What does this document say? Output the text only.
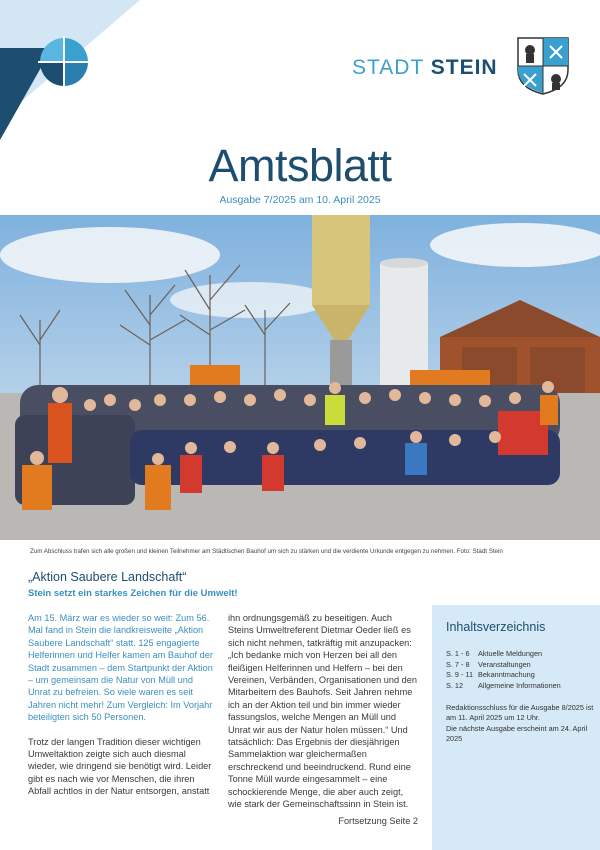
STADT STEIN
Amtsblatt
Ausgabe 7/2025 am 10. April 2025
Zum Abschluss trafen sich alle großen und kleinen Teilnehmer am Städtischen Bauhof um sich zu stärken und die verdiente Urkunde entgegen zu nehmen. Foto: Stadt Stein
„Aktion Saubere Landschaft“
Stein setzt ein starkes Zeichen für die Umwelt!

Am 15. März war es wieder so weit: Zum 56. Mal fand in Stein die landkreisweite „Aktion Saubere Landschaft“ statt. 125 engagierte Helferinnen und Helfer kamen am Bauhof der Stadt zusammen – dem Startpunkt der Aktion – um gemeinsam die Natur von Müll und Unrat zu befreien. So viele waren es seit Jahren nicht mehr! Zum Vergleich: Im Vorjahr beteiligten sich 50 Personen.

Trotz der langen Tradition dieser wichtigen Umweltaktion zeigte sich auch diesmal wieder, wie dringend sie benötigt wird. Leider gibt es nach wie vor Menschen, die ihren Abfall achtlos in der Natur entsorgen, anstatt

ihn ordnungsgemäß zu beseitigen. Auch Steins Umweltreferent Dietmar Oeder ließ es sich nicht nehmen, tatkräftig mit anzupacken: „Ich bedanke mich von Herzen bei all den fleißigen Helferinnen und Helfern – bei den Vereinen, Verbänden, Organisationen und den Mitarbeitern des Bauhofs. Seit Jahren nehme ich an der Aktion teil und bin immer wieder fassungslos, welche Mengen an Müll und Unrat wir aus der Natur holen müssen.“ Und tatsächlich: Das Ergebnis der diesjährigen Sammelaktion war gleichermaßen erschreckend und beeindruckend. Rund eine Tonne Müll wurde eingesammelt – eine schockierende Menge, die aber auch zeigt, wie stark der Gemeinschaftssinn in Stein ist.

Fortsetzung Seite 2
Inhaltsverzeichnis
S. 1 - 6 Aktuelle Meldungen
S. 7 - 8 Veranstaltungen
S. 9 - 11 Bekanntmachung
S. 12 Allgemeine Informationen

Redaktionsschluss für die Ausgabe 8/2025 ist am 11. April 2025 um 12 Uhr.

Die nächste Ausgabe erscheint am 24. April 2025
